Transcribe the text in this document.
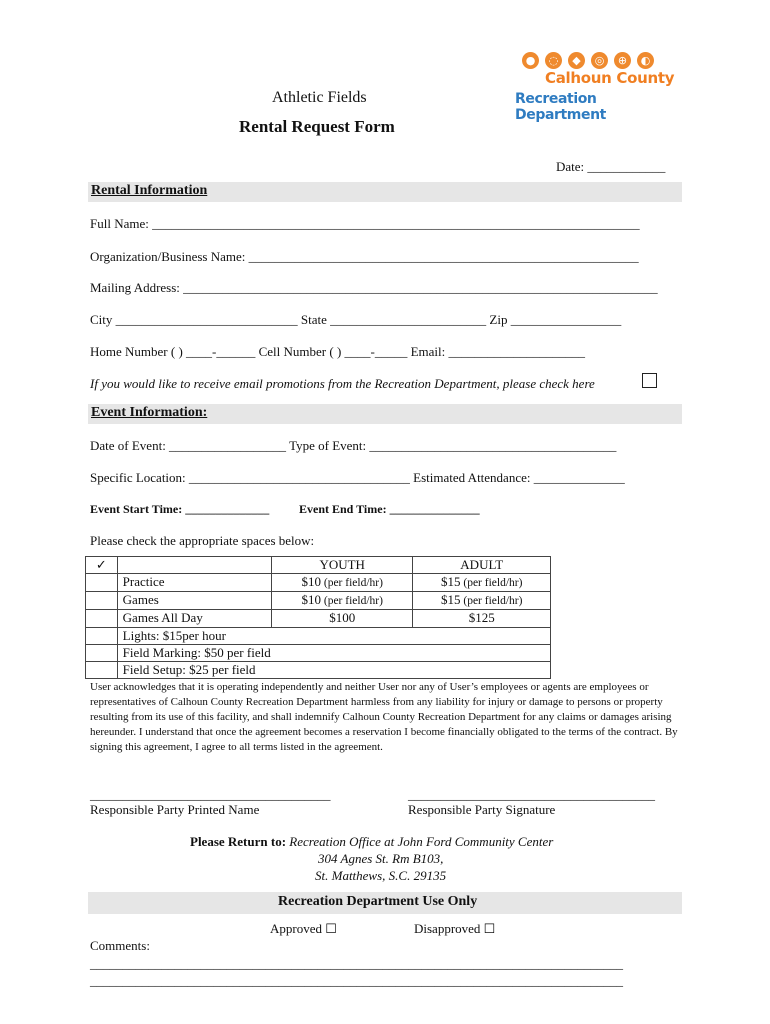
●	◌	◆	◎	⊕	◐
Calhoun County
Recreation Department
Athletic Fields
Rental Request Form
Date: ____________
Rental Information
Full Name: ___________________________________________________________________________
Organization/Business Name: ____________________________________________________________
Mailing Address: _________________________________________________________________________
City ____________________________ State ________________________ Zip _________________
Home Number ( ) ____-______ Cell Number ( ) ____-_____ Email: _____________________
If you would like to receive email promotions from the Recreation Department, please check here
Event Information:
Date of Event: __________________ Type of Event: ______________________________________
Specific Location: __________________________________ Estimated Attendance: ______________
Event Start Time: ______________ Event End Time: _______________
Please check the appropriate spaces below:
✓		YOUTH	ADULT
	Practice	$10 (per field/hr)	$15 (per field/hr)
	Games	$10 (per field/hr)	$15 (per field/hr)
	Games All Day	$100	$125
	Lights: $15per hour		
	Field Marking: $50 per field		
	Field Setup: $25 per field		
User acknowledges that it is operating independently and neither User nor any of User’s employees or agents are employees or representatives of Calhoun County Recreation Department harmless from any liability for injury or damage to persons or property resulting from its use of this facility, and shall indemnify Calhoun County Recreation Department for any claims or damages arising hereunder. I understand that once the agreement becomes a reservation I become financially obligated to the terms of the contract. By signing this agreement, I agree to all terms listed in the agreement.
_____________________________________	______________________________________
Responsible Party Printed Name	Responsible Party Signature
Please Return to: Recreation Office at John Ford Community Center
304 Agnes St. Rm B103,
St. Matthews, S.C. 29135
Recreation Department Use Only
Approved ☐	Disapproved ☐
Comments:
__________________________________________________________________________________
__________________________________________________________________________________
